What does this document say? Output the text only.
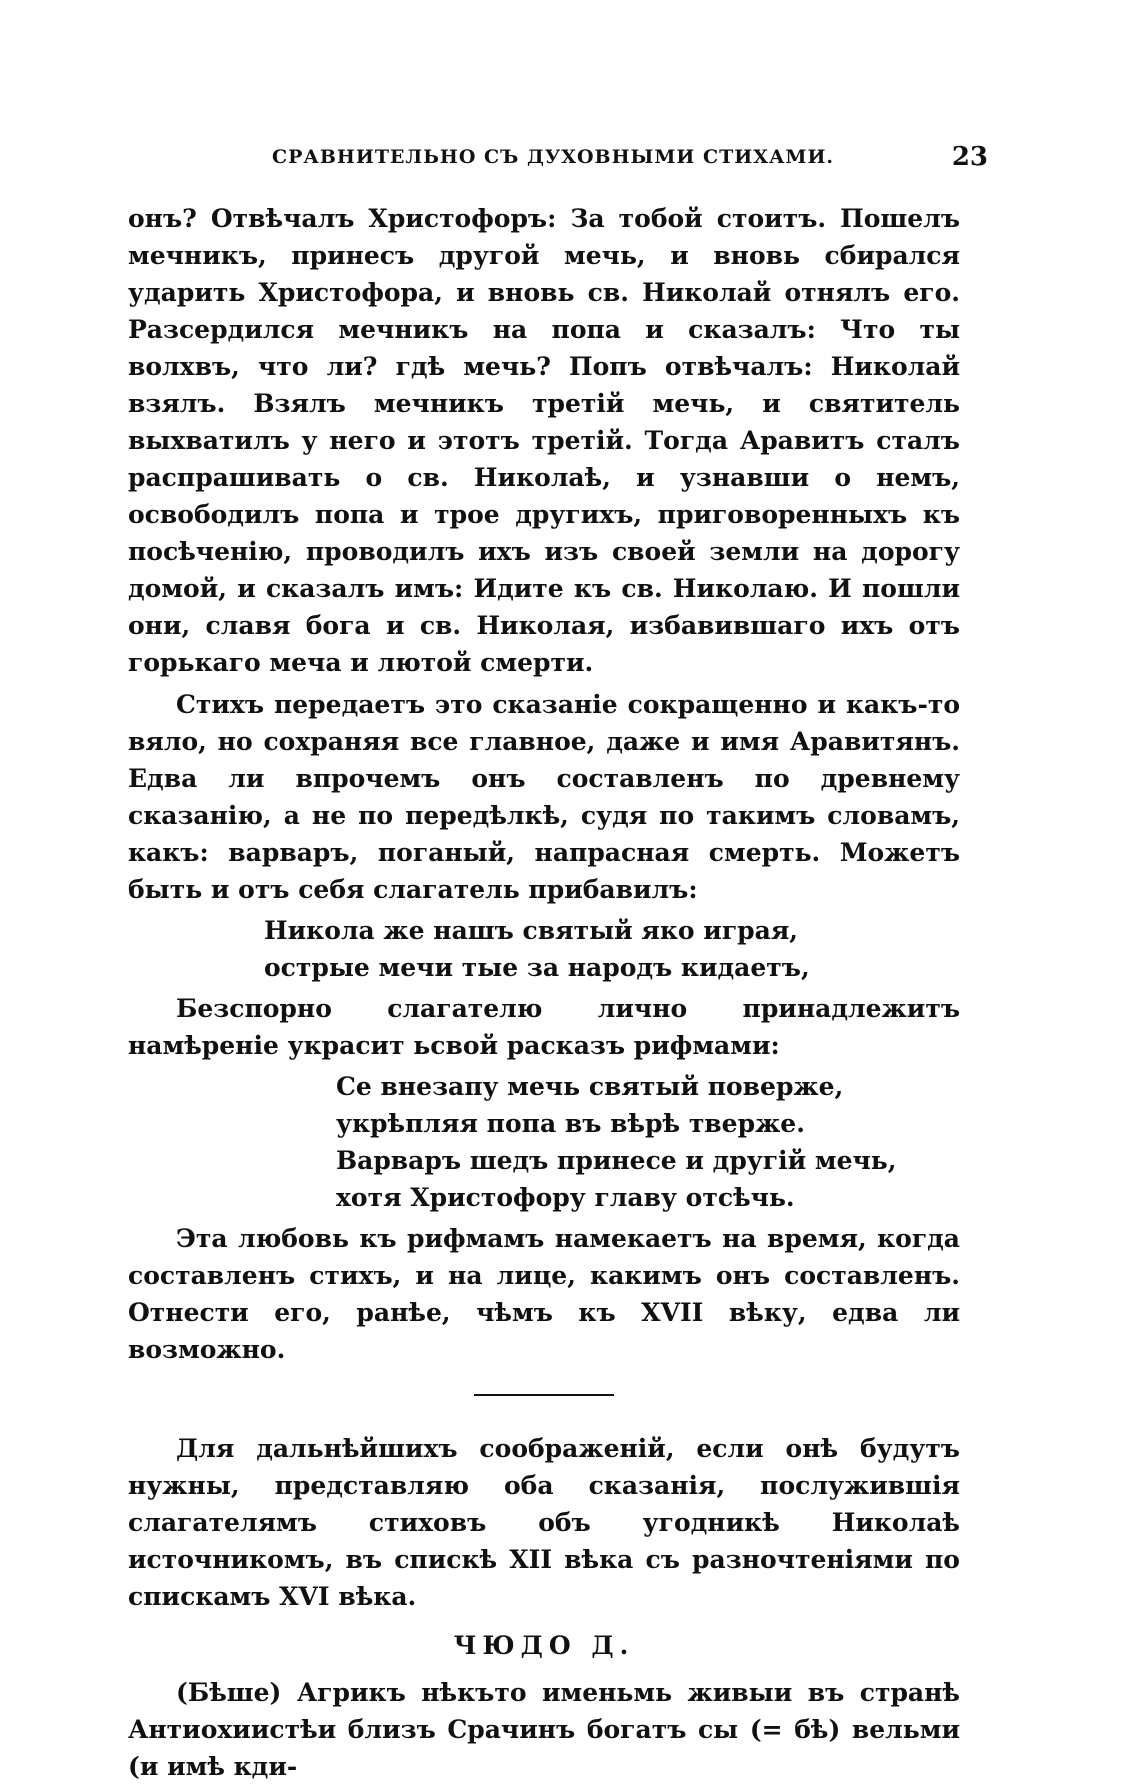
СРАВНИТЕЛЬНО СЪ ДУХОВНЫМИ СТИХАМИ.	23

онъ? Отвѣчалъ Христофоръ: За тобой стоитъ. Пошелъ мечникъ, принесъ другой мечь, и вновь сбирался ударить Христофора, и вновь св. Николай отнялъ его. Разсердился мечникъ на попа и сказалъ: Что ты волхвъ, что ли? гдѣ мечь? Попъ отвѣчалъ: Николай взялъ. Взялъ мечникъ третій мечь, и святитель выхватилъ у него и этотъ третій. Тогда Аравитъ сталъ распрашивать о св. Николаѣ, и узнавши о немъ, освободилъ попа и трое другихъ, приговоренныхъ къ посѣченію, проводилъ ихъ изъ своей земли на дорогу домой, и сказалъ имъ: Идите къ св. Николаю. И пошли они, славя бога и св. Николая, избавившаго ихъ отъ горькаго меча и лютой смерти.

Стихъ передаетъ это сказаніе сокращенно и какъ-то вяло, но сохраняя все главное, даже и имя Аравитянъ. Едва ли впрочемъ онъ составленъ по древнему сказанію, а не по передѣлкѣ, судя по такимъ словамъ, какъ: варваръ, поганый, напрасная смерть. Можетъ быть и отъ себя слагатель прибавилъ:

Никола же нашъ святый яко играя,
острые мечи тые за народъ кидаетъ,

Безспорно слагателю лично принадлежитъ намѣреніе украсит ьсвой расказъ рифмами:

Се внезапу мечь святый поверже,
укрѣпляя попа въ вѣрѣ тверже.
Варваръ шедъ принесе и другій мечь,
хотя Христофору главу отсѣчь.

Эта любовь къ рифмамъ намекаетъ на время, когда составленъ стихъ, и на лице, какимъ онъ составленъ. Отнести его, ранѣе, чѣмъ къ XVII вѣку, едва ли возможно.

Для дальнѣйшихъ соображеній, если онѣ будутъ нужны, представляю оба сказанія, послужившія слагателямъ стиховъ объ угодникѣ Николаѣ источникомъ, въ спискѣ XII вѣка съ разночтеніями по спискамъ XVI вѣка.

ЧЮДО Д.

(Бѣше) Агрикъ нѣкъто именьмь живыи въ странѣ Антиохиистѣи близъ Срачинъ богатъ сы (= бѣ) вельми (и имѣ кди-
